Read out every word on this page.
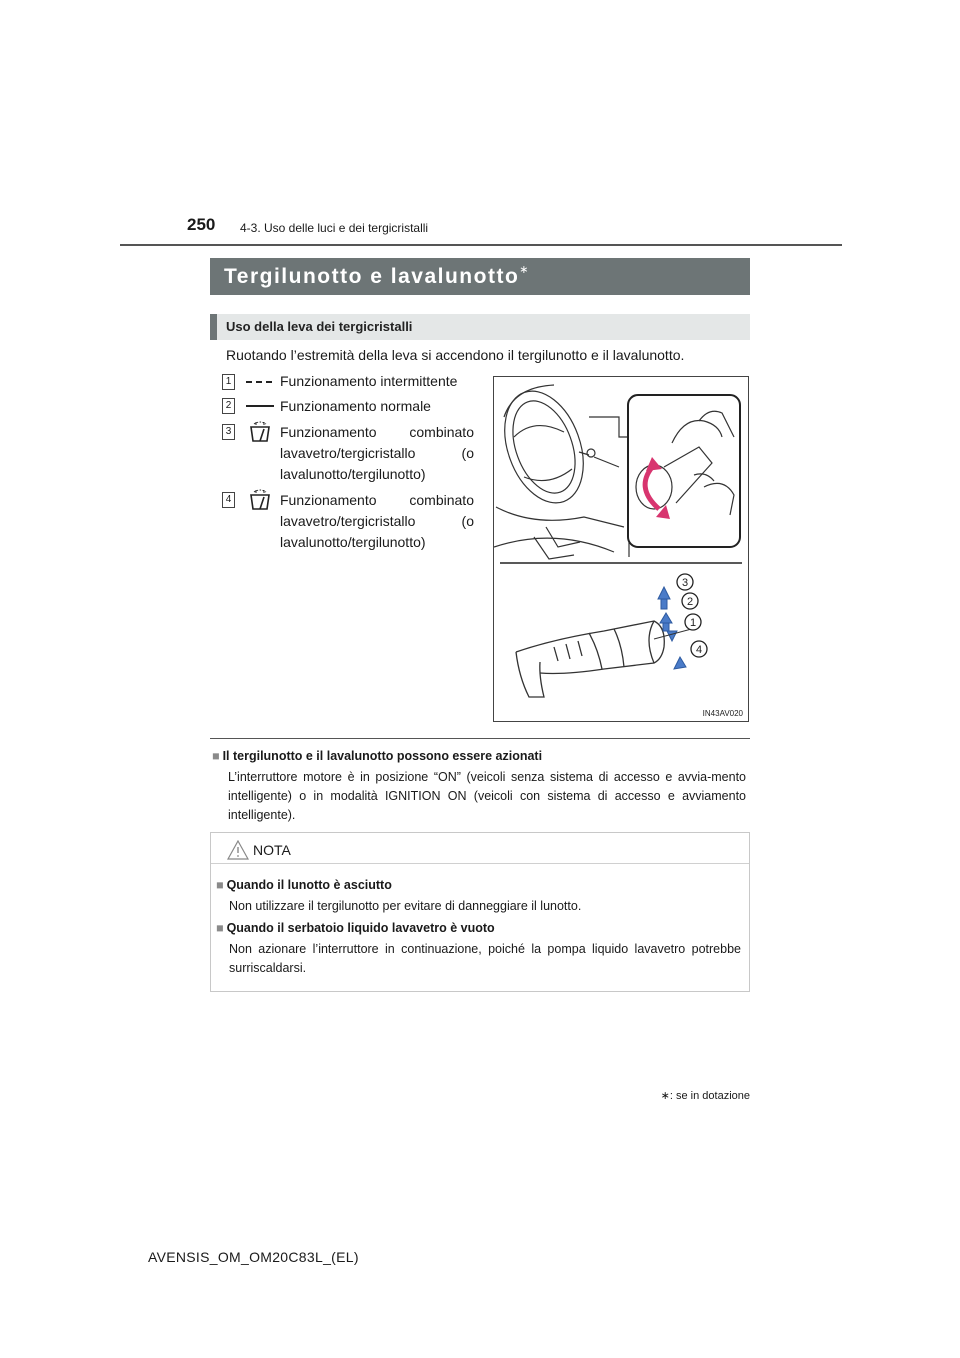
250 4-3. Uso delle luci e dei tergicristalli
Tergilunotto e lavalunotto∗
Uso della leva dei tergicristalli
Ruotando l’estremità della leva si accendono il tergilunotto e il lavalunotto.
1	Funzionamento intermittente
2	Funzionamento normale
3	Funzionamento combinato
lavavetro/tergicristallo (o
lavalunotto/tergilunotto)
4	Funzionamento combinato
lavavetro/tergicristallo (o
lavalunotto/tergilunotto)
3
2
1
4
IN43AV020
■ Il tergilunotto e il lavalunotto possono essere azionati
L’interruttore motore è in posizione “ON” (veicoli senza sistema di accesso e avvia-mento intelligente) o in modalità IGNITION ON (veicoli con sistema di accesso e avviamento intelligente).
NOTA
■ Quando il lunotto è asciutto
Non utilizzare il tergilunotto per evitare di danneggiare il lunotto.
■ Quando il serbatoio liquido lavavetro è vuoto
Non azionare l’interruttore in continuazione, poiché la pompa liquido lavavetro potrebbe surriscaldarsi.
∗: se in dotazione
AVENSIS_OM_OM20C83L_(EL)
